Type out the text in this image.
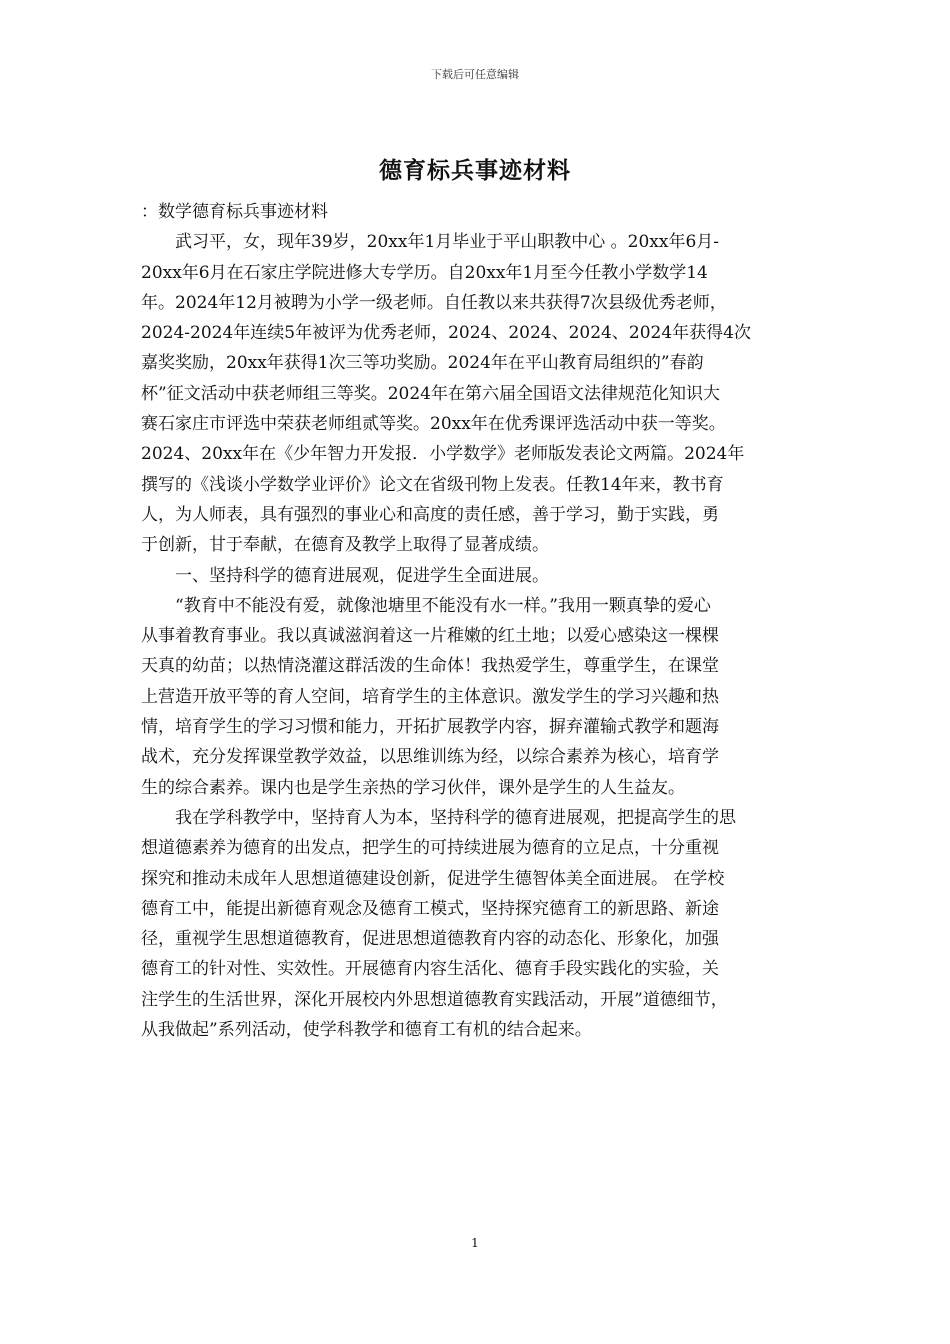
下载后可任意编辑
德育标兵事迹材料
：数学德育标兵事迹材料
　　武习平，女，现年39岁，20xx年1月毕业于平山职教中心 。20xx年6月-
20xx年6月在石家庄学院进修大专学历。自20xx年1月至今任教小学数学14
年。2024年12月被聘为小学一级老师。自任教以来共获得7次县级优秀老师，
2024-2024年连续5年被评为优秀老师，2024、2024、2024、2024年获得4次
嘉奖奖励，20xx年获得1次三等功奖励。2024年在平山教育局组织的”春韵
杯”征文活动中获老师组三等奖。2024年在第六届全国语文法律规范化知识大
赛石家庄市评选中荣获老师组贰等奖。20xx年在优秀课评选活动中获一等奖。
2024、20xx年在《少年智力开发报．小学数学》老师版发表论文两篇。2024年
撰写的《浅谈小学数学业评价》论文在省级刊物上发表。任教14年来，教书育
人，为人师表，具有强烈的事业心和高度的责任感，善于学习，勤于实践，勇
于创新，甘于奉献，在德育及教学上取得了显著成绩。
　　一、坚持科学的德育进展观，促进学生全面进展。
　　“教育中不能没有爱，就像池塘里不能没有水一样。”我用一颗真挚的爱心
从事着教育事业。我以真诚滋润着这一片稚嫩的红土地；以爱心感染这一棵棵
天真的幼苗；以热情浇灌这群活泼的生命体！我热爱学生，尊重学生，在课堂
上营造开放平等的育人空间，培育学生的主体意识。激发学生的学习兴趣和热
情，培育学生的学习习惯和能力，开拓扩展教学内容，摒弃灌输式教学和题海
战术，充分发挥课堂教学效益，以思维训练为经，以综合素养为核心，培育学
生的综合素养。课内也是学生亲热的学习伙伴，课外是学生的人生益友。
　　我在学科教学中，坚持育人为本，坚持科学的德育进展观，把提高学生的思
想道德素养为德育的出发点，把学生的可持续进展为德育的立足点，十分重视
探究和推动未成年人思想道德建设创新，促进学生德智体美全面进展。 在学校
德育工中，能提出新德育观念及德育工模式，坚持探究德育工的新思路、新途
径，重视学生思想道德教育，促进思想道德教育内容的动态化、形象化，加强
德育工的针对性、实效性。开展德育内容生活化、德育手段实践化的实验，关
注学生的生活世界，深化开展校内外思想道德教育实践活动，开展”道德细节，
从我做起”系列活动，使学科教学和德育工有机的结合起来。
1
